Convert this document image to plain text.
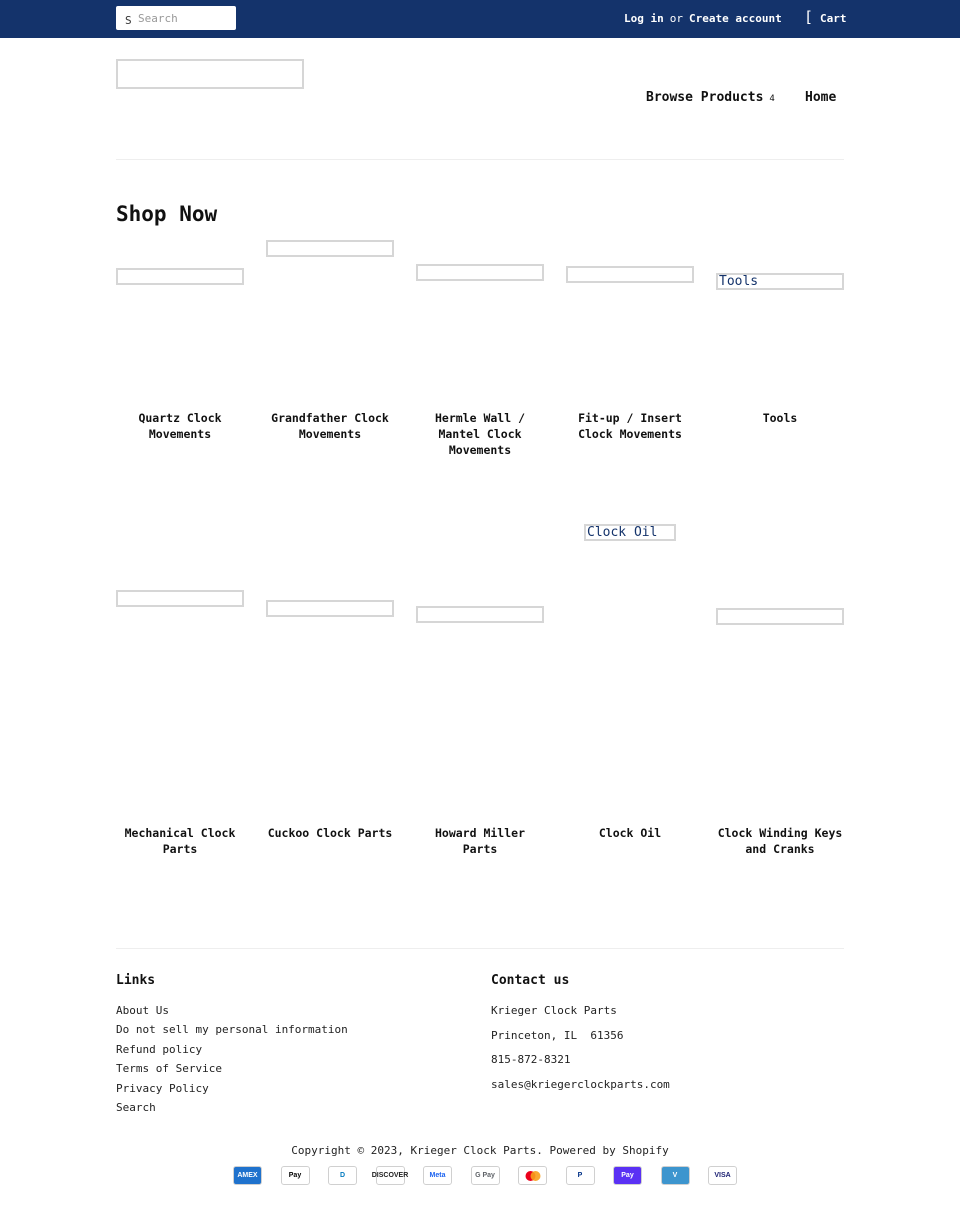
S
Search	Log in or Create account [ Cart
Browse Products 4 Home
Shop Now
Quartz Clock Movements
Grandfather Clock Movements
Hermle Wall / Mantel Clock Movements
Fit-up / Insert Clock Movements
Tools
Tools
Mechanical Clock Parts
Cuckoo Clock Parts	Howard Miller Parts
Clock Oil
Clock Oil	Clock Winding Keys and Cranks
Links
About Us
Do not sell my personal information
Refund policy
Terms of Service
Privacy Policy
Search
Contact us
Krieger Clock Parts
Princeton, IL  61356
815-872-8321
sales@kriegerclockparts.com
Copyright © 2023, Krieger Clock Parts. Powered by Shopify
AMEX	Pay	D	DISCOVER	Meta	G Pay	P	Pay	V	VISA
